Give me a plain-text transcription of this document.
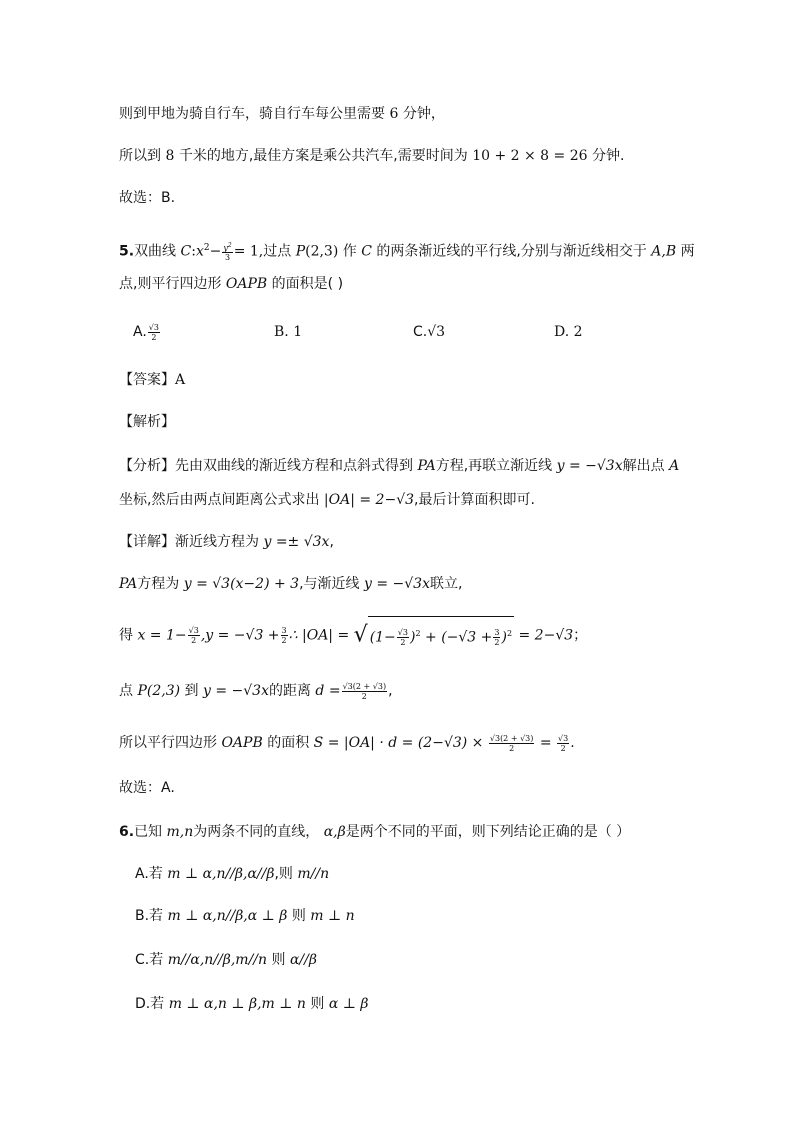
则到甲地为骑自行车，骑自行车每公里需要 6 分钟，
所以到 8 千米的地方,最佳方案是乘公共汽车,需要时间为 10 + 2 × 8 = 26 分钟.
故选：B.
5.双曲线 $C:x^2- \frac{y^2}{3} = 1$,过点 P(2,3) 作 C 的两条渐近线的平行线,分别与渐近线相交于 A,B 两
点,则平行四边形 OAPB 的面积是( )
A. $\frac{√3}{2}$	B. 1	C.√3	D. 2
【答案】A
【解析】
【分析】先由双曲线的渐近线方程和点斜式得到 PA方程,再联立渐近线 y = −√3x解出点 A
坐标,然后由两点间距离公式求出 |OA| = 2−√3,最后计算面积即可.
【详解】渐近线方程为 y =± √3x,
PA方程为 y = √3(x−2) + 3,与渐近线 y = −√3x联立,
得 $x = 1- \frac{√3}{2} ,y = -√3 + \frac{3}{2}$ ∴ |OA| = √ $(1- \frac{√3}{2} )^2 + (-√3 + \frac{3}{2} )^2 = 2-√3$；
点 P(2,3) 到 y = −√3x的距离 $d = \frac{√3(2 + √3)}{2}$ ,
所以平行四边形 OAPB 的面积 $S = |OA| \cdot d = (2-√3) \times \frac{√3(2 + √3)}{2} = \frac{√3}{2}$ .
故选：A.
6.已知 m,n为两条不同的直线， α,β是两个不同的平面，则下列结论正确的是（ ）
A.若 m ⊥ α,n//β,α//β,则 m//n
B.若 m ⊥ α,n//β,α ⊥ β 则 m ⊥ n
C.若 m//α,n//β,m//n 则 α//β
D.若 m ⊥ α,n ⊥ β,m ⊥ n 则 α ⊥ β
